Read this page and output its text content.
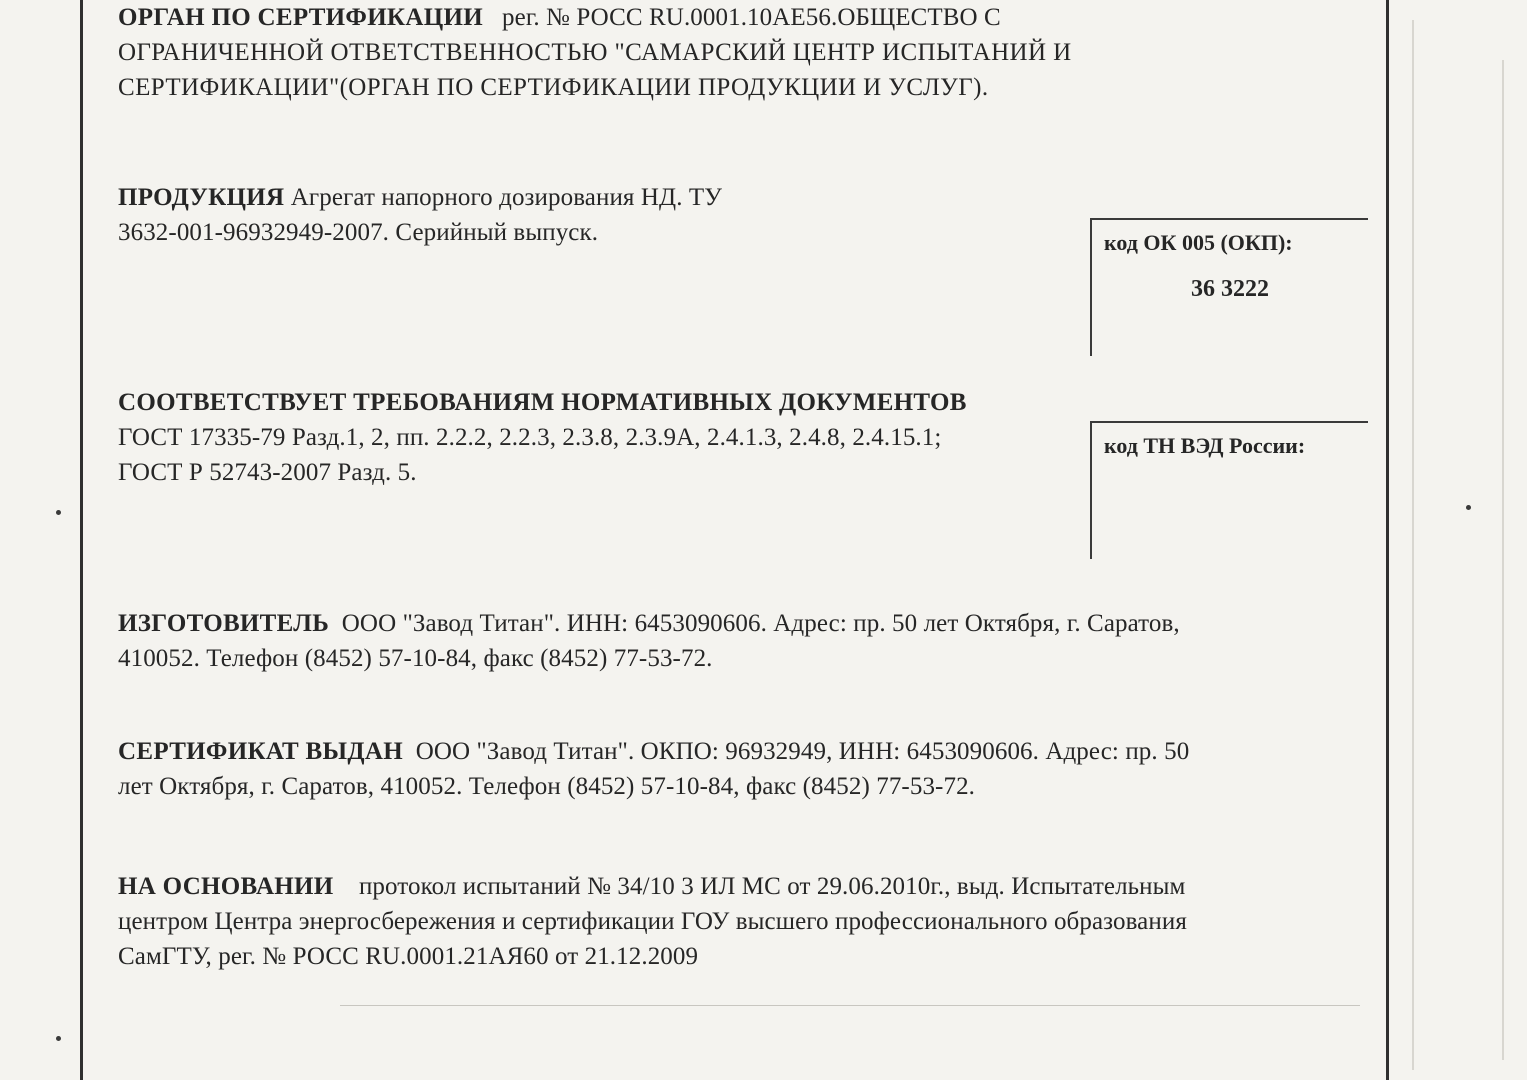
ОРГАН ПО СЕРТИФИКАЦИИ рег. № РОСС RU.0001.10АЕ56.ОБЩЕСТВО С

ОГРАНИЧЕННОЙ ОТВЕТСТВЕННОСТЬЮ "САМАРСКИЙ ЦЕНТР ИСПЫТАНИЙ И

СЕРТИФИКАЦИИ"(ОРГАН ПО СЕРТИФИКАЦИИ ПРОДУКЦИИ И УСЛУГ).

ПРОДУКЦИЯ Агрегат напорного дозирования НД. ТУ

3632-001-96932949-2007. Серийный выпуск.	код ОК 005 (ОКП):
36 3222

СООТВЕТСТВУЕТ ТРЕБОВАНИЯМ НОРМАТИВНЫХ ДОКУМЕНТОВ

ГОСТ 17335-79 Разд.1, 2, пп. 2.2.2, 2.2.3, 2.3.8, 2.3.9А, 2.4.1.3, 2.4.8, 2.4.15.1;

ГОСТ Р 52743-2007 Разд. 5.

код ТН ВЭД России:

ИЗГОТОВИТЕЛЬ ООО "Завод Титан". ИНН: 6453090606. Адрес: пр. 50 лет Октября, г. Саратов,

410052. Телефон (8452) 57-10-84, факс (8452) 77-53-72.

СЕРТИФИКАТ ВЫДАН ООО "Завод Титан". ОКПО: 96932949, ИНН: 6453090606. Адрес: пр. 50

лет Октября, г. Саратов, 410052. Телефон (8452) 57-10-84, факс (8452) 77-53-72.

НА ОСНОВАНИИ протокол испытаний № 34/10 3 ИЛ МС от 29.06.2010г., выд. Испытательным

центром Центра энергосбережения и сертификации ГОУ высшего профессионального образования

СамГТУ, рег. № РОСС RU.0001.21АЯ60 от 21.12.2009
